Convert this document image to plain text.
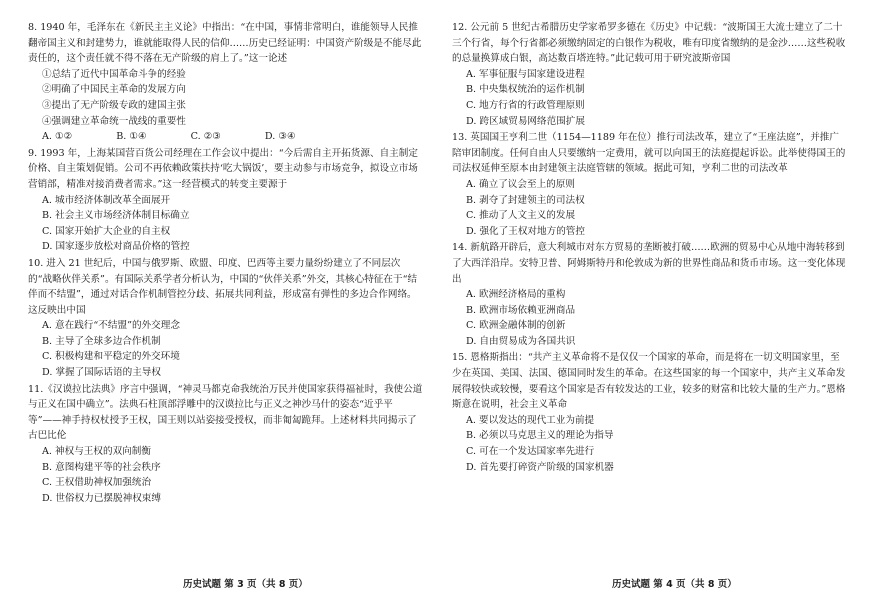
8. 1940 年，毛泽东在《新民主主义论》中指出：“在中国，事情非常明白，谁能领导人民推翻帝国主义和封建势力，谁就能取得人民的信仰……历史已经证明：中国资产阶级是不能尽此责任的，这个责任就不得不落在无产阶级的肩上了。”这一论述
①总结了近代中国革命斗争的经验
②明确了中国民主革命的发展方向
③提出了无产阶级专政的建国主张
④强调建立革命统一战线的重要性
A. ①②	B. ①④	C. ②③	D. ③④
9. 1993 年，上海某国营百货公司经理在工作会议中提出：“今后需自主开拓货源、自主制定价格、自主策划促销。公司不再依赖政策扶持‘吃大锅饭’，要主动参与市场竞争，拟设立市场营销部，精准对接消费者需求。”这一经营模式的转变主要源于
A. 城市经济体制改革全面展开
B. 社会主义市场经济体制目标确立
C. 国家开始扩大企业的自主权
D. 国家逐步放松对商品价格的管控
10. 进入 21 世纪后，中国与俄罗斯、欧盟、印度、巴西等主要力量纷纷建立了不同层次的“战略伙伴关系”。有国际关系学者分析认为，中国的“伙伴关系”外交，其核心特征在于“结伴而不结盟”，通过对话合作机制管控分歧、拓展共同利益，形成富有弹性的多边合作网络。这反映出中国
A. 意在践行“不结盟”的外交理念
B. 主导了全球多边合作机制
C. 积极构建和平稳定的外交环境
D. 掌握了国际话语的主导权
11.《汉谟拉比法典》序言中强调，“神灵马都克命我统治万民并使国家获得福祉时，我使公道与正义在国中确立”。法典石柱顶部浮雕中的汉谟拉比与正义之神沙马什的姿态“近乎平等”——神手持权杖授予王权，国王则以站姿接受授权，而非匍匐跪拜。上述材料共同揭示了古巴比伦
A. 神权与王权的双向制衡
B. 意图构建平等的社会秩序
C. 王权借助神权加强统治
D. 世俗权力已摆脱神权束缚
12. 公元前 5 世纪古希腊历史学家希罗多德在《历史》中记载：“波斯国王大流士建立了二十三个行省，每个行省都必须缴纳固定的白银作为税收，唯有印度省缴纳的是金沙……这些税收的总量换算成白银，高达数百塔连特。”此记载可用于研究波斯帝国
A. 军事征服与国家建设进程
B. 中央集权统治的运作机制
C. 地方行省的行政管理原则
D. 跨区域贸易网络范围扩展
13. 英国国王亨利二世（1154—1189 年在位）推行司法改革，建立了“王座法庭”，并推广陪审团制度。任何自由人只要缴纳一定费用，就可以向国王的法庭提起诉讼。此举使得国王的司法权延伸至原本由封建领主法庭管辖的领域。据此可知，亨利二世的司法改革
A. 确立了议会至上的原则
B. 剥夺了封建领主的司法权
C. 推动了人文主义的发展
D. 强化了王权对地方的管控
14. 新航路开辟后，意大利城市对东方贸易的垄断被打破……欧洲的贸易中心从地中海转移到了大西洋沿岸。安特卫普、阿姆斯特丹和伦敦成为新的世界性商品和货币市场。这一变化体现出
A. 欧洲经济格局的重构
B. 欧洲市场依赖亚洲商品
C. 欧洲金融体制的创新
D. 自由贸易成为各国共识
15. 恩格斯指出：“共产主义革命将不是仅仅一个国家的革命，而是将在一切文明国家里，至少在英国、美国、法国、德国同时发生的革命。在这些国家的每一个国家中，共产主义革命发展得较快或较慢，要看这个国家是否有较发达的工业，较多的财富和比较大量的生产力。”恩格斯意在说明，社会主义革命
A. 要以发达的现代工业为前提
B. 必须以马克思主义的理论为指导
C. 可在一个发达国家率先进行
D. 首先要打碎资产阶级的国家机器
历史试题 第 3 页（共 8 页）	历史试题 第 4 页（共 8 页）
